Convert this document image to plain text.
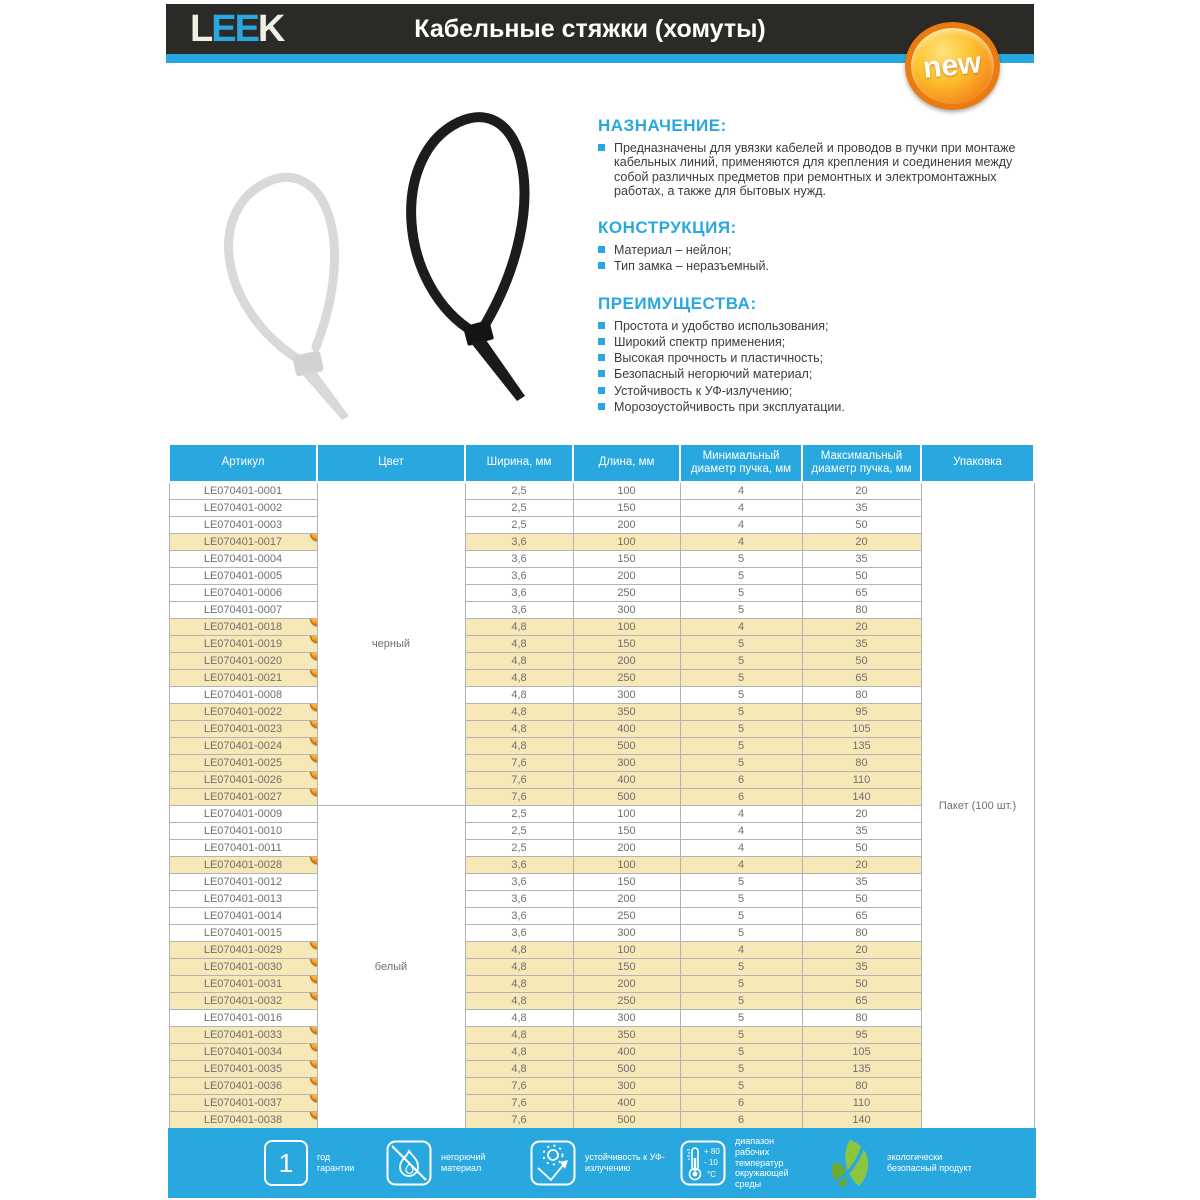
LEEK	Кабельные стяжки (хомуты)
new
НАЗНАЧЕНИЕ:
Предназначены для увязки кабелей и проводов в пучки при монтаже кабельных линий, применяются для крепления и соединения между собой различных предметов при ремонтных и электромонтажных работах, а также для бытовых нужд.
КОНСТРУКЦИЯ:
Материал – нейлон;
Тип замка – неразъемный.
ПРЕИМУЩЕСТВА:
Простота и удобство использования;
Широкий спектр применения;
Высокая прочность и пластичность;
Безопасный негорючий материал;
Устойчивость к УФ-излучению;
Морозоустойчивость при эксплуатации.
Артикул	Цвет	Ширина, мм	Длина, мм	Минимальный диаметр пучка, мм	Максимальный диаметр пучка, мм	Упаковка
LE070401-0001	черный	2,5	100	4	20	Пакет (100 шт.)
LE070401-0002		2,5	150	4	35	
LE070401-0003		2,5	200	4	50	
LE070401-0017		3,6	100	4	20	
LE070401-0004		3,6	150	5	35	
LE070401-0005		3,6	200	5	50	
LE070401-0006		3,6	250	5	65	
LE070401-0007		3,6	300	5	80	
LE070401-0018		4,8	100	4	20	
LE070401-0019		4,8	150	5	35	
LE070401-0020		4,8	200	5	50	
LE070401-0021		4,8	250	5	65	
LE070401-0008		4,8	300	5	80	
LE070401-0022		4,8	350	5	95	
LE070401-0023		4,8	400	5	105	
LE070401-0024		4,8	500	5	135	
LE070401-0025		7,6	300	5	80	
LE070401-0026		7,6	400	6	110	
LE070401-0027		7,6	500	6	140	
LE070401-0009	белый	2,5	100	4	20	
LE070401-0010		2,5	150	4	35	
LE070401-0011		2,5	200	4	50	
LE070401-0028		3,6	100	4	20	
LE070401-0012		3,6	150	5	35	
LE070401-0013		3,6	200	5	50	
LE070401-0014		3,6	250	5	65	
LE070401-0015		3,6	300	5	80	
LE070401-0029		4,8	100	4	20	
LE070401-0030		4,8	150	5	35	
LE070401-0031		4,8	200	5	50	
LE070401-0032		4,8	250	5	65	
LE070401-0016		4,8	300	5	80	
LE070401-0033		4,8	350	5	95	
LE070401-0034		4,8	400	5	105	
LE070401-0035		4,8	500	5	135	
LE070401-0036		7,6	300	5	80	
LE070401-0037		7,6	400	6	110	
LE070401-0038		7,6	500	6	140	
1	год гарантии
негорючий материал
устойчивость к УФ-излучению
+ 80
- 10
°C
диапазон рабочих температур окружающей среды
экологически безопасный продукт
